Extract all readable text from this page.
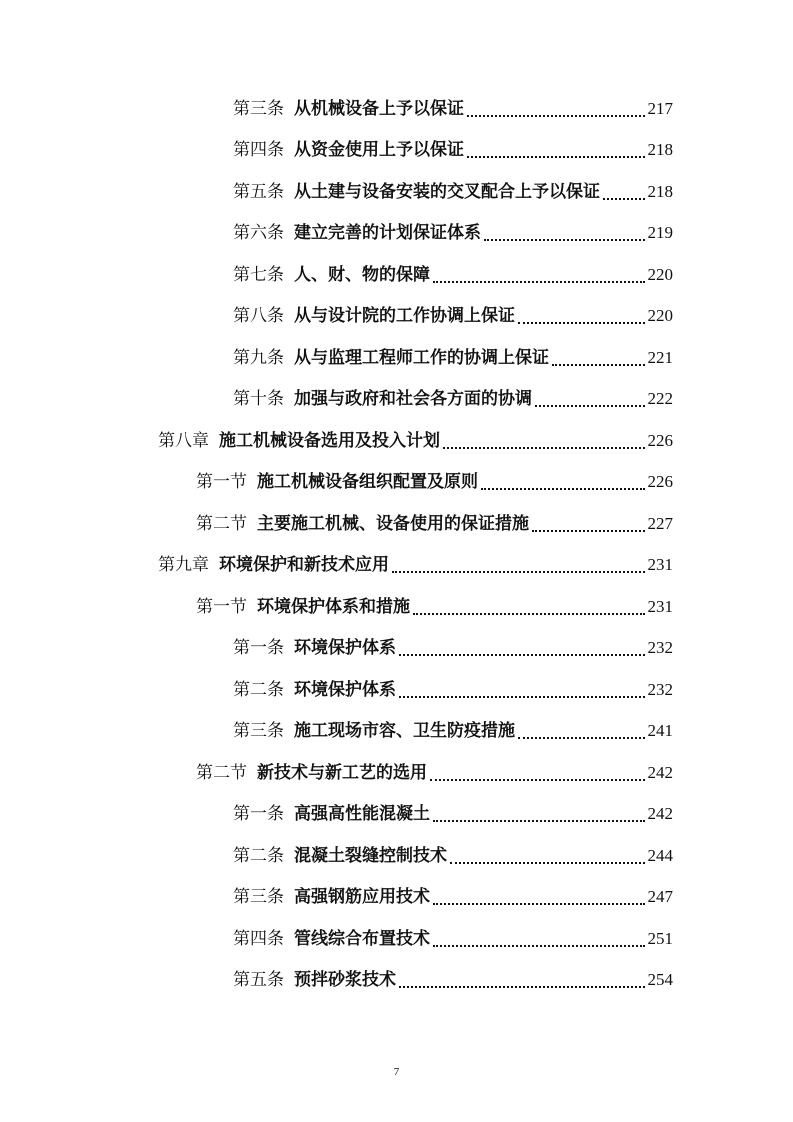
第三条 从机械设备上予以保证	217
第四条 从资金使用上予以保证	218
第五条 从土建与设备安装的交叉配合上予以保证	218
第六条 建立完善的计划保证体系	219
第七条 人、财、物的保障	220
第八条 从与设计院的工作协调上保证	220
第九条 从与监理工程师工作的协调上保证	221
第十条 加强与政府和社会各方面的协调	222
第八章 施工机械设备选用及投入计划	226
第一节 施工机械设备组织配置及原则	226
第二节 主要施工机械、设备使用的保证措施	227
第九章 环境保护和新技术应用	231
第一节 环境保护体系和措施	231
第一条 环境保护体系	232
第二条 环境保护体系	232
第三条 施工现场市容、卫生防疫措施	241
第二节 新技术与新工艺的选用	242
第一条 高强高性能混凝土	242
第二条 混凝土裂缝控制技术	244
第三条 高强钢筋应用技术	247
第四条 管线综合布置技术	251
第五条 预拌砂浆技术	254
7
